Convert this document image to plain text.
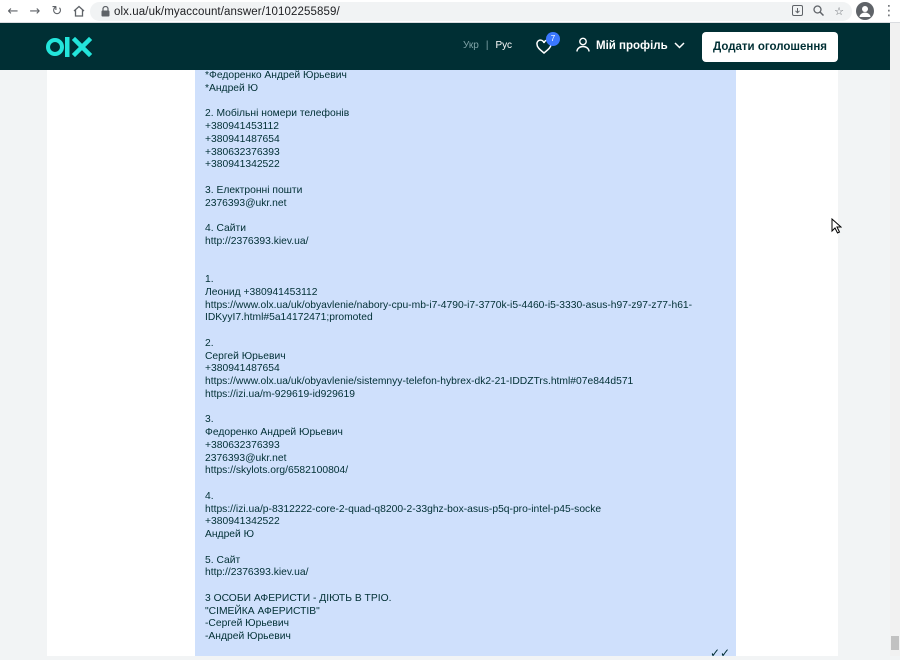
← → ↻	olx.ua/uk/myaccount/answer/10102255859/	☆	⋮
Укр | Рус
7
Мій профіль	Додати оголошення
*Федоренко Андрей Юрьевич
*Андрей Ю
2. Мобільні номери телефонів
+380941453112
+380941487654
+380632376393
+380941342522
3. Електронні пошти
2376393@ukr.net
4. Сайти
http://2376393.kiev.ua/
1.
Леонид +380941453112
https://www.olx.ua/uk/obyavlenie/nabory-cpu-mb-i7-4790-i7-3770k-i5-4460-i5-3330-asus-h97-z97-z77-h61-
IDKyyI7.html#5a14172471;promoted
2.
Сергей Юрьевич
+380941487654
https://www.olx.ua/uk/obyavlenie/sistemnyy-telefon-hybrex-dk2-21-IDDZTrs.html#07e844d571
https://izi.ua/m-929619-id929619
3.
Федоренко Андрей Юрьевич
+380632376393
2376393@ukr.net
https://skylots.org/6582100804/
4.
https://izi.ua/p-8312222-core-2-quad-q8200-2-33ghz-box-asus-p5q-pro-intel-p45-socke
+380941342522
Андрей Ю
5. Сайт
http://2376393.kiev.ua/
3 ОСОБИ АФЕРИСТИ - ДІЮТЬ В ТРІО.
"СІМЕЙКА АФЕРИСТІВ"
-Сергей Юрьевич
-Андрей Юрьевич
✓✓
